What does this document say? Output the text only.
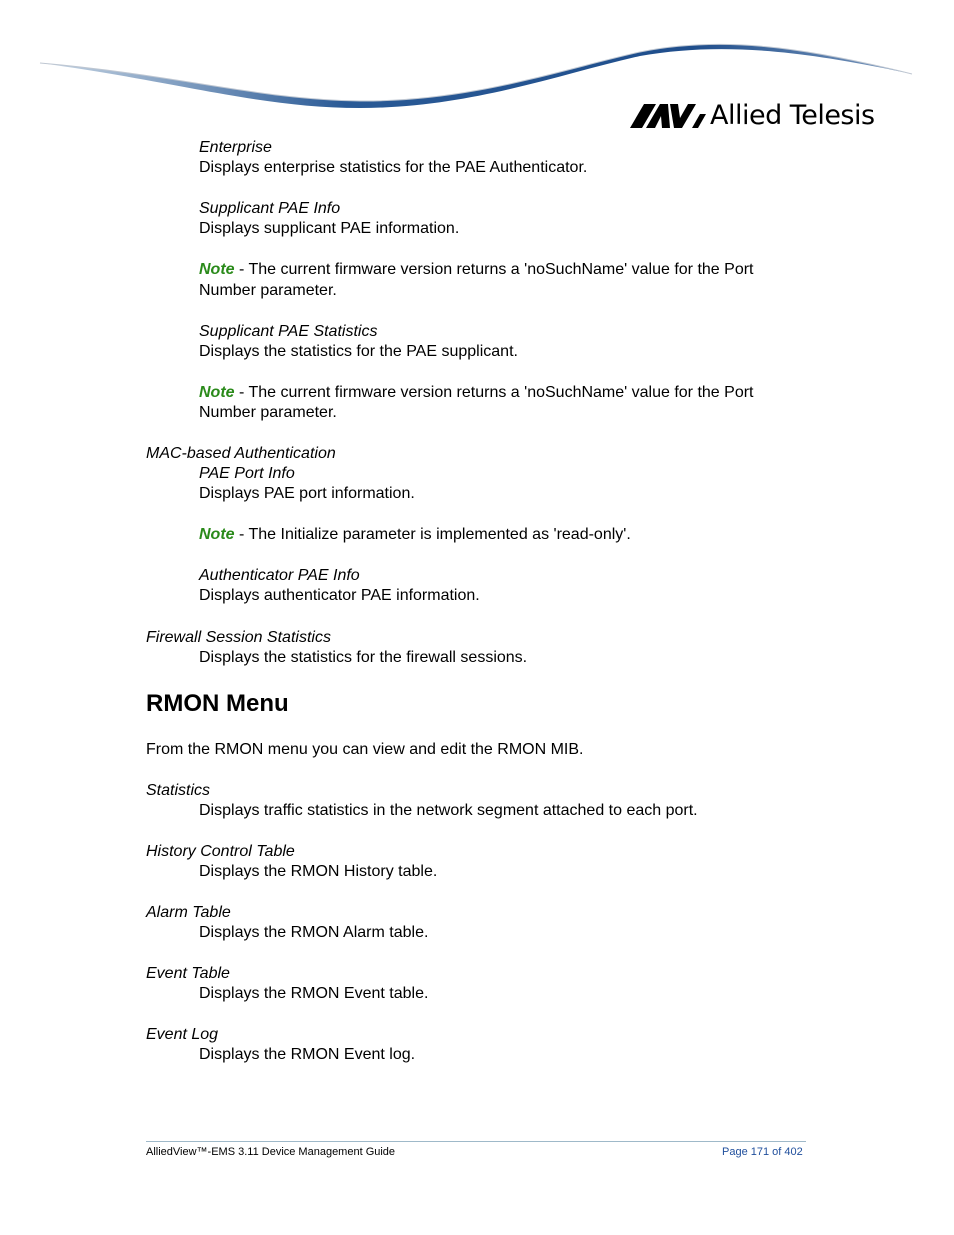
Allied Telesis
Enterprise
Displays enterprise statistics for the PAE Authenticator.
Supplicant PAE Info
Displays supplicant PAE information.
Note - The current firmware version returns a 'noSuchName' value for the Port
Number parameter.
Supplicant PAE Statistics
Displays the statistics for the PAE supplicant.
Note - The current firmware version returns a 'noSuchName' value for the Port
Number parameter.
MAC-based Authentication
PAE Port Info
Displays PAE port information.
Note - The Initialize parameter is implemented as 'read-only'.
Authenticator PAE Info
Displays authenticator PAE information.
Firewall Session Statistics
Displays the statistics for the firewall sessions.
RMON Menu
From the RMON menu you can view and edit the RMON MIB.
Statistics
Displays traffic statistics in the network segment attached to each port.
History Control Table
Displays the RMON History table.
Alarm Table
Displays the RMON Alarm table.
Event Table
Displays the RMON Event table.
Event Log
Displays the RMON Event log.
AlliedView™-EMS 3.11 Device Management Guide	Page 171 of 402
